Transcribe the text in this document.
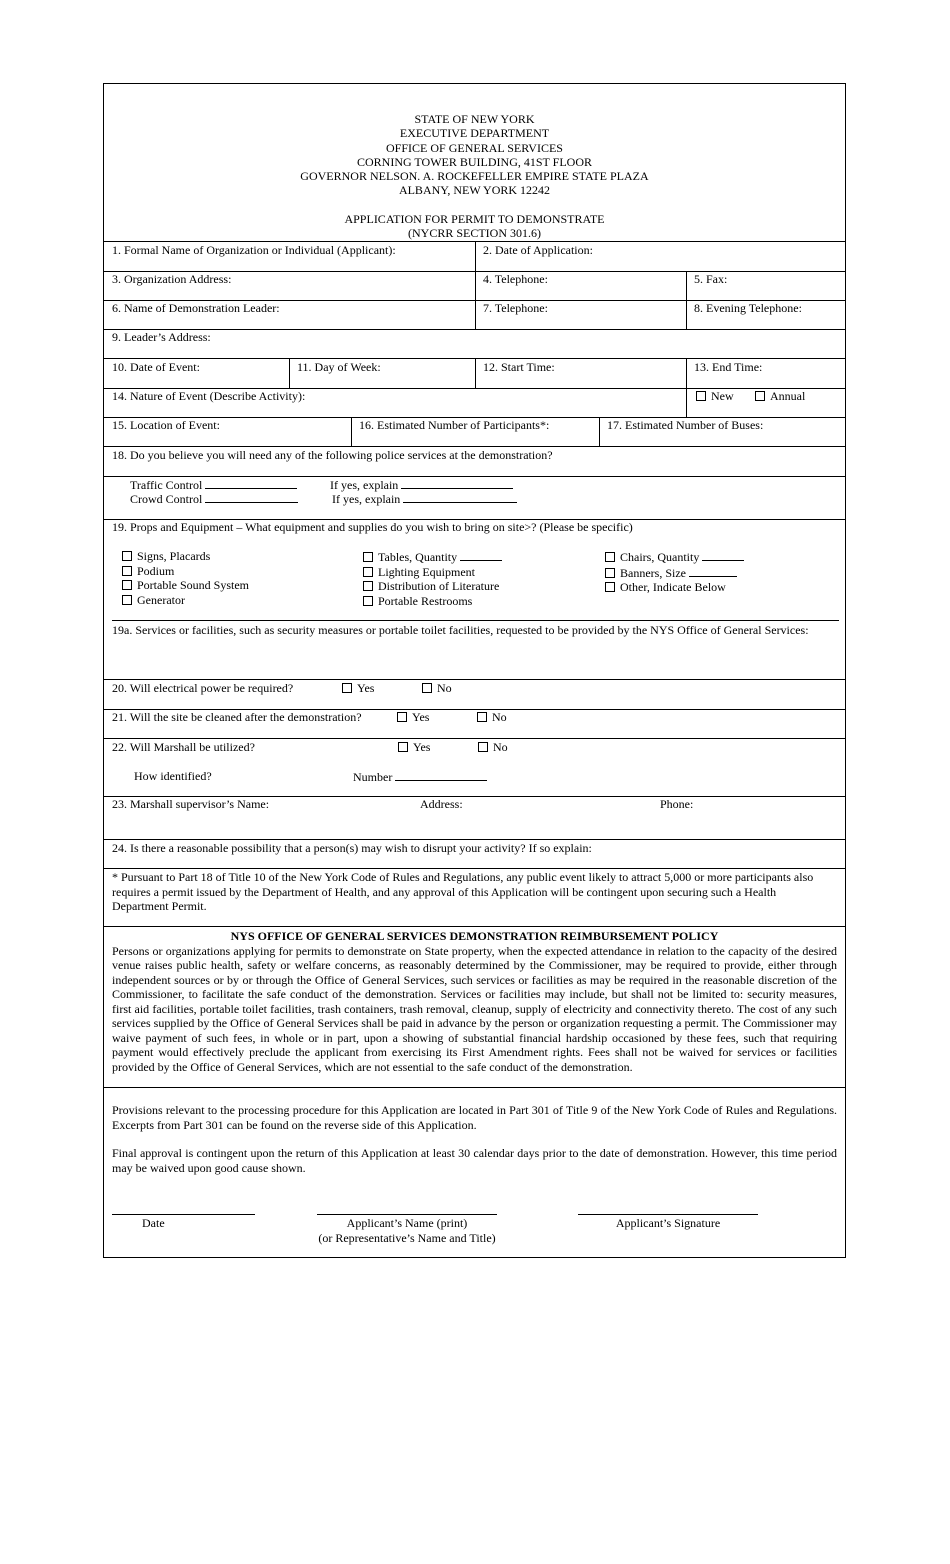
STATE OF NEW YORK
EXECUTIVE DEPARTMENT
OFFICE OF GENERAL SERVICES
CORNING TOWER BUILDING, 41ST FLOOR
GOVERNOR NELSON. A. ROCKEFELLER EMPIRE STATE PLAZA
ALBANY, NEW YORK 12242
APPLICATION FOR PERMIT TO DEMONSTRATE
(NYCRR SECTION 301.6)
1. Formal Name of Organization or Individual (Applicant):	2. Date of Application:
3. Organization Address:	4. Telephone:	5. Fax:
6. Name of Demonstration Leader:	7. Telephone:	8. Evening Telephone:
9. Leader’s Address:
10. Date of Event:	11. Day of Week:	12. Start Time:	13. End Time:
14. Nature of Event (Describe Activity):	New	Annual
15. Location of Event:	16. Estimated Number of Participants*:	17. Estimated Number of Buses:
18. Do you believe you will need any of the following police services at the demonstration?
Traffic Control	If yes, explain
Crowd Control	If yes, explain
19. Props and Equipment – What equipment and supplies do you wish to bring on site>? (Please be specific)
Signs, Placards
Podium
Portable Sound System
Generator
Tables, Quantity
Lighting Equipment
Distribution of Literature
Portable Restrooms
Chairs, Quantity
Banners, Size
Other, Indicate Below
19a. Services or facilities, such as security measures or portable toilet facilities, requested to be provided by the NYS Office of General Services:
20. Will electrical power be required?	Yes	No
21. Will the site be cleaned after the demonstration?	Yes	No
22. Will Marshall be utilized?	Yes	No
How identified?	Number
23. Marshall supervisor’s Name:	Address:	Phone:
24. Is there a reasonable possibility that a person(s) may wish to disrupt your activity? If so explain:
* Pursuant to Part 18 of Title 10 of the New York Code of Rules and Regulations, any public event likely to attract 5,000 or more participants also requires a permit issued by the Department of Health, and any approval of this Application will be contingent upon securing such a Health Department Permit.
NYS OFFICE OF GENERAL SERVICES DEMONSTRATION REIMBURSEMENT POLICY
Persons or organizations applying for permits to demonstrate on State property, when the expected attendance in relation to the capacity of the desired venue raises public health, safety or welfare concerns, as reasonably determined by the Commissioner, may be required to provide, either through independent sources or by or through the Office of General Services, such services or facilities as may be required in the reasonable discretion of the Commissioner, to facilitate the safe conduct of the demonstration. Services or facilities may include, but shall not be limited to: security measures, first aid facilities, portable toilet facilities, trash containers, trash removal, cleanup, supply of electricity and connectivity thereto. The cost of any such services supplied by the Office of General Services shall be paid in advance by the person or organization requesting a permit. The Commissioner may waive payment of such fees, in whole or in part, upon a showing of substantial financial hardship occasioned by these fees, such that requiring payment would effectively preclude the applicant from exercising its First Amendment rights. Fees shall not be waived for services or facilities provided by the Office of General Services, which are not essential to the safe conduct of the demonstration.
Provisions relevant to the processing procedure for this Application are located in Part 301 of Title 9 of the New York Code of Rules and Regulations. Excerpts from Part 301 can be found on the reverse side of this Application.
Final approval is contingent upon the return of this Application at least 30 calendar days prior to the date of demonstration. However, this time period may be waived upon good cause shown.
Date	Applicant’s Name (print)
(or Representative’s Name and Title)
Applicant’s Signature
